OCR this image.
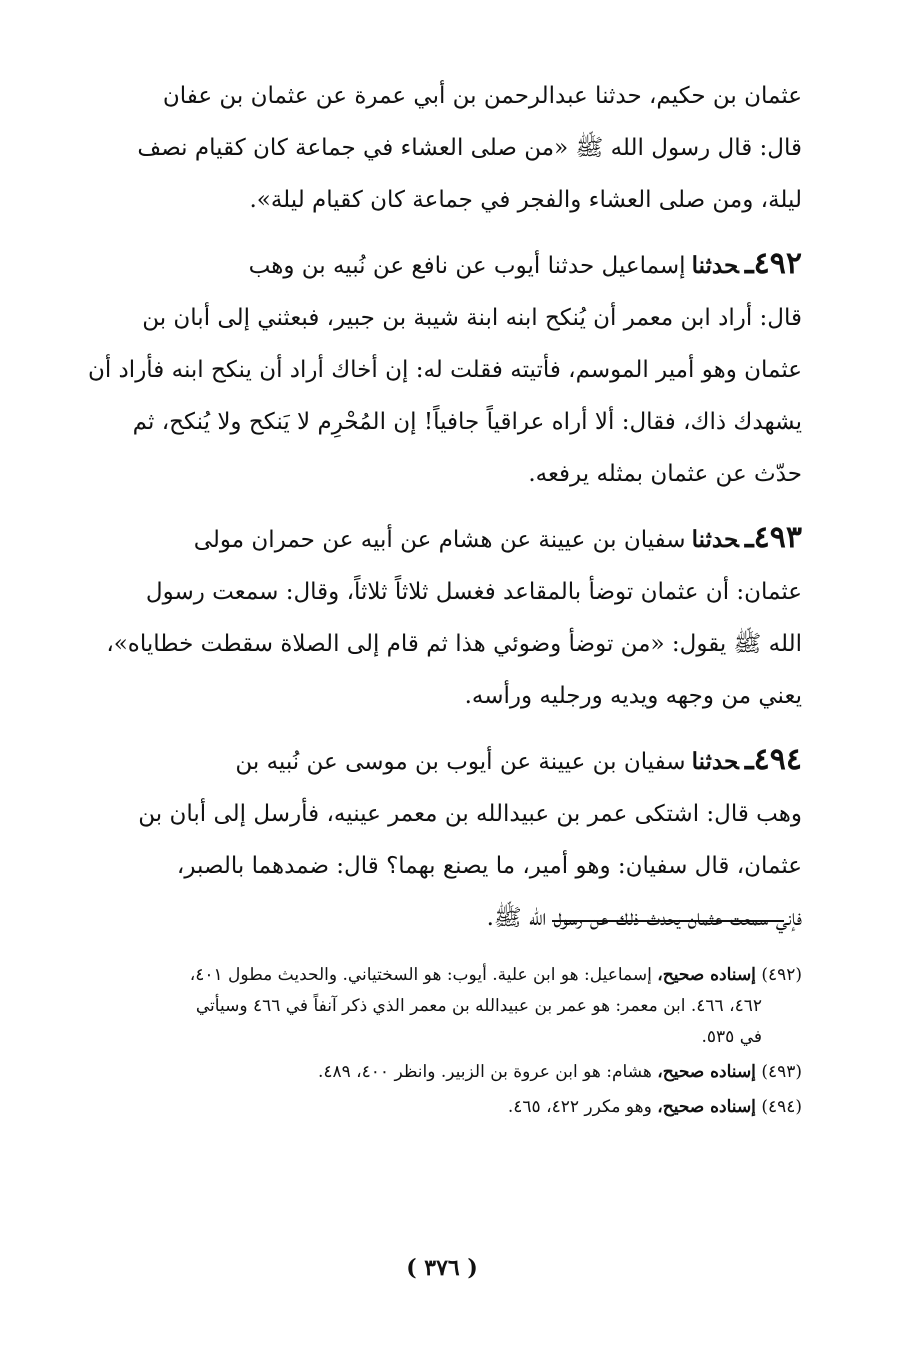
عثمان بن حكيم، حدثنا عبدالرحمن بن أبي عمرة عن عثمان بن عفان
قال: قال رسول الله ﷺ «من صلى العشاء في جماعة كان كقيام نصف
ليلة، ومن صلى العشاء والفجر في جماعة كان كقيام ليلة».
٤٩٢ـحدثناإسماعيل حدثنا أيوب عن نافع عن نُبيه بن وهب
قال: أراد ابن معمر أن يُنكح ابنه ابنة شيبة بن جبير، فبعثني إلى أبان بن
عثمان وهو أمير الموسم، فأتيته فقلت له: إن أخاك أراد أن ينكح ابنه فأراد أن
يشهدك ذاك، فقال: ألا أراه عراقياً جافياً! إن المُحْرِم لا يَنكح ولا يُنكح، ثم
حدّث عن عثمان بمثله يرفعه.
٤٩٣ـحدثناسفيان بن عيينة عن هشام عن أبيه عن حمران مولى
عثمان: أن عثمان توضأ بالمقاعد فغسل ثلاثاً ثلاثاً، وقال: سمعت رسول
الله ﷺ يقول: «من توضأ وضوئي هذا ثم قام إلى الصلاة سقطت خطاياه»،
يعني من وجهه ويديه ورجليه ورأسه.
٤٩٤ـحدثناسفيان بن عيينة عن أيوب بن موسى عن نُبيه بن
وهب قال: اشتكى عمر بن عبيدالله بن معمر عينيه، فأرسل إلى أبان بن
عثمان، قال سفيان: وهو أمير، ما يصنع بهما؟ قال: ضمدهما بالصبر،
فإني سمعت عثمان يحدث ذلك عن رسول الله ﷺ.
(٤٩٢) إسناده صحيح، إسماعيل: هو ابن علية. أيوب: هو السختياني. والحديث مطول ٤٠١،
٤٦٢، ٤٦٦. ابن معمر: هو عمر بن عبيدالله بن معمر الذي ذكر آنفاً في ٤٦٦ وسيأتي
في ٥٣٥.
(٤٩٣) إسناده صحيح، هشام: هو ابن عروة بن الزبير. وانظر ٤٠٠، ٤٨٩.
(٤٩٤) إسناده صحيح، وهو مكرر ٤٢٢، ٤٦٥.
( ٣٧٦ )
